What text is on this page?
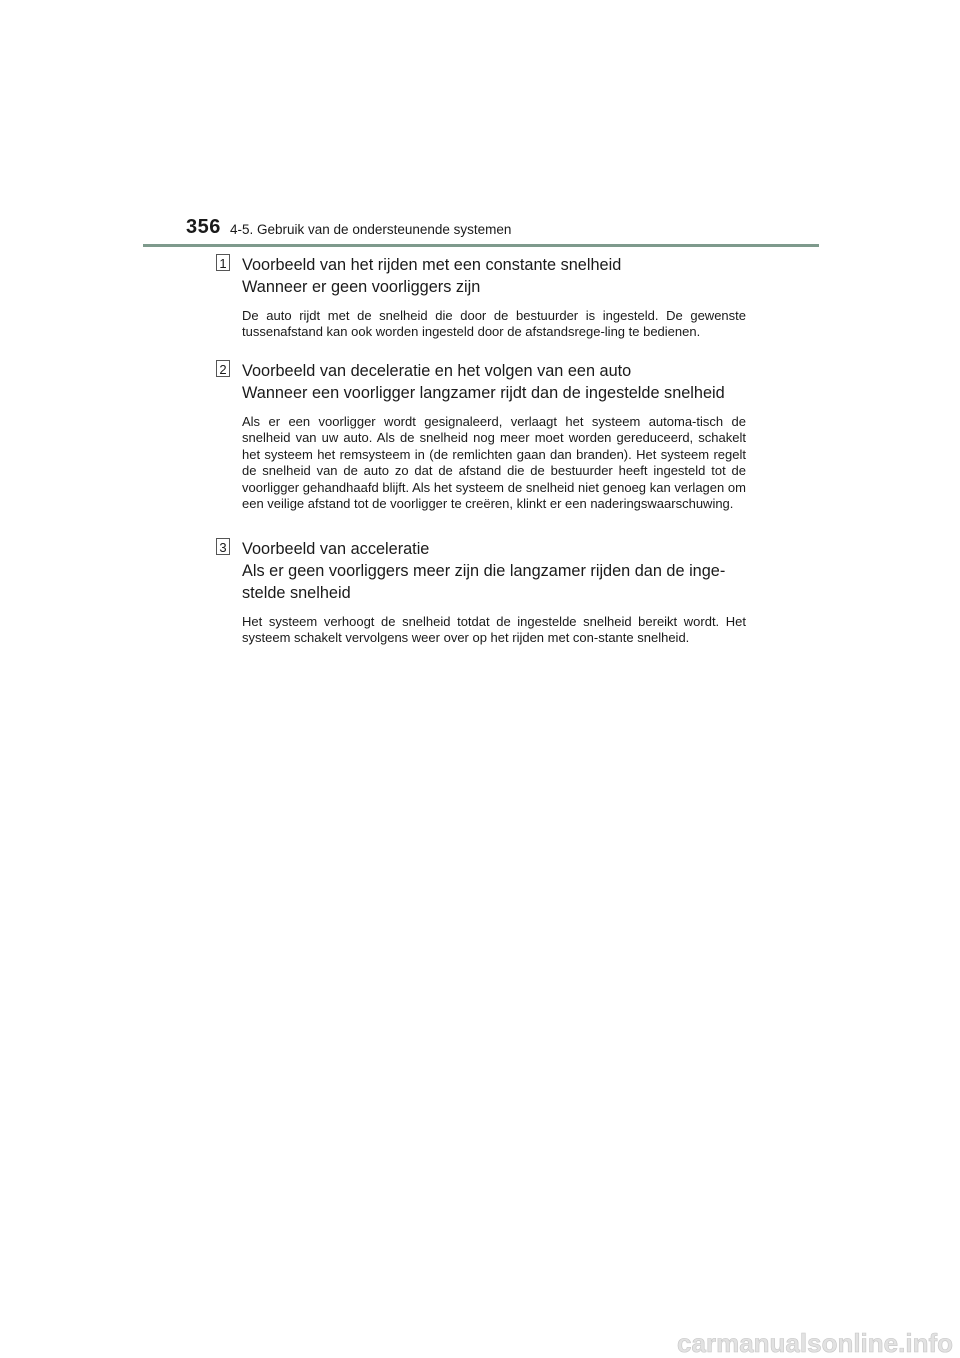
356 4-5. Gebruik van de ondersteunende systemen
1 Voorbeeld van het rijden met een constante snelheid
Wanneer er geen voorliggers zijn
De auto rijdt met de snelheid die door de bestuurder is ingesteld. De gewenste tussenafstand kan ook worden ingesteld door de afstandsrege-ling te bedienen.
2 Voorbeeld van deceleratie en het volgen van een auto
Wanneer een voorligger langzamer rijdt dan de ingestelde snelheid
Als er een voorligger wordt gesignaleerd, verlaagt het systeem automa-tisch de snelheid van uw auto. Als de snelheid nog meer moet worden gereduceerd, schakelt het systeem het remsysteem in (de remlichten gaan dan branden). Het systeem regelt de snelheid van de auto zo dat de afstand die de bestuurder heeft ingesteld tot de voorligger gehandhaafd blijft. Als het systeem de snelheid niet genoeg kan verlagen om een veilige afstand tot de voorligger te creëren, klinkt er een naderingswaarschuwing.
3 Voorbeeld van acceleratie
Als er geen voorliggers meer zijn die langzamer rijden dan de inge-stelde snelheid
Het systeem verhoogt de snelheid totdat de ingestelde snelheid bereikt wordt. Het systeem schakelt vervolgens weer over op het rijden met con-stante snelheid.
carmanualsonline.info
